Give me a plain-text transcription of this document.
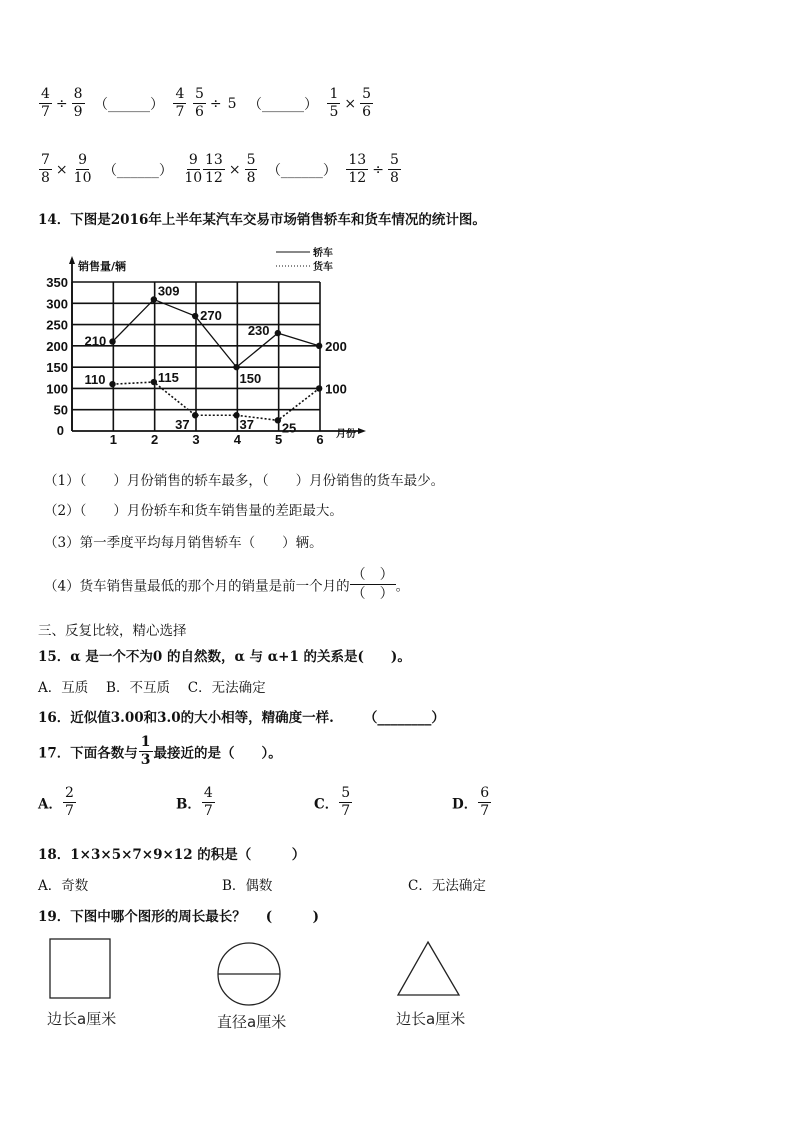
$\frac{4}{7} \div \frac{8}{9}$ （______） $\frac{4}{7} \frac{5}{6} \div 5$ （______） $\frac{1}{5} \times \frac{5}{6}$
$\frac{7}{8} \times \frac{9}{10}$ （______） $\frac{9}{10}$
$\frac{13}{12} \times \frac{5}{8}$ （______） $\frac{13}{12} \div \frac{5}{8}$
14．下图是2016年上半年某汽车交易市场销售轿车和货车情况的统计图。
50
100
150
200
250
300
350
销售量/辆
月份
0
1	2	3	4	5	6
210
309
270
150
230
200
110	115
37	37 25
100
轿车
货车
（1）（　　）月份销售的轿车最多，（　　）月份销售的货车最少。
（2）（　　）月份轿车和货车销售量的差距最大。
（3）第一季度平均每月销售轿车（　　）辆。
（4）货车销售量最低的那个月的销量是前一个月的 $\frac{( )}{( )}$ 。
三、反复比较，精心选择
15．α 是一个不为0 的自然数，α 与 α+1 的关系是(　　)。
A．互质　 B．不互质　 C．无法确定
16．近似值3.00和3.0的大小相等，精确度一样. （________）
17．下面各数与 $\frac{1}{3}$ 最接近的是（　　）。
A． $\frac{2}{7}$	B． $\frac{4}{7}$	C． $\frac{5}{7}$	D． $\frac{6}{7}$
18．1×3×5×7×9×12 的积是（　　　）
A．奇数	B．偶数	C．无法确定
19．下图中哪个图形的周长最长？ (　　　)
边长a厘米	直径a厘米	边长a厘米
